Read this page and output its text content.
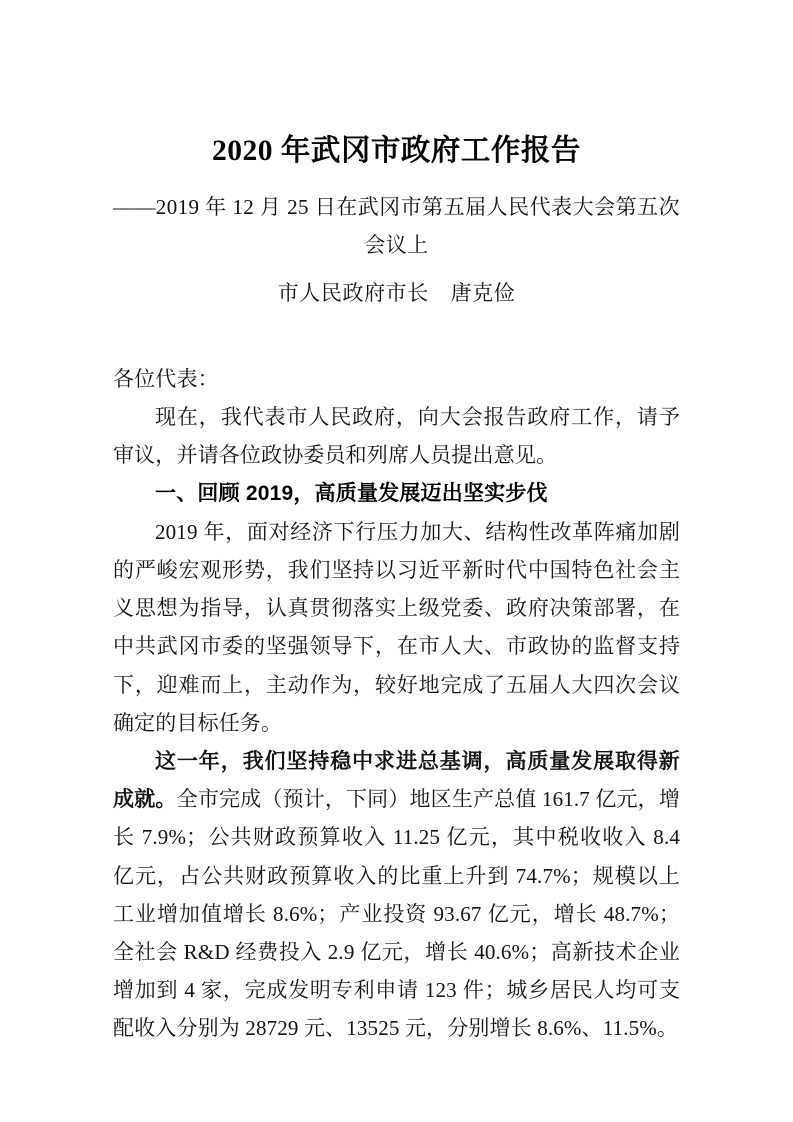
2020 年武冈市政府工作报告
——2019 年 12 月 25 日在武冈市第五届人民代表大会第五次
会议上
市人民政府市长　唐克俭

各位代表：

现在，我代表市人民政府，向大会报告政府工作，请予审议，并请各位政协委员和列席人员提出意见。

一、回顾 2019，高质量发展迈出坚实步伐

2019 年，面对经济下行压力加大、结构性改革阵痛加剧的严峻宏观形势，我们坚持以习近平新时代中国特色社会主义思想为指导，认真贯彻落实上级党委、政府决策部署，在中共武冈市委的坚强领导下，在市人大、市政协的监督支持下，迎难而上，主动作为，较好地完成了五届人大四次会议确定的目标任务。

这一年，我们坚持稳中求进总基调，高质量发展取得新成就。全市完成（预计，下同）地区生产总值 161.7 亿元，增长 7.9%；公共财政预算收入 11.25 亿元，其中税收收入 8.4 亿元，占公共财政预算收入的比重上升到 74.7%；规模以上工业增加值增长 8.6%；产业投资 93.67 亿元，增长 48.7%；全社会 R&D 经费投入 2.9 亿元，增长 40.6%；高新技术企业增加到 4 家，完成发明专利申请 123 件；城乡居民人均可支配收入分别为 28729 元、13525 元，分别增长 8.6%、11.5%。
